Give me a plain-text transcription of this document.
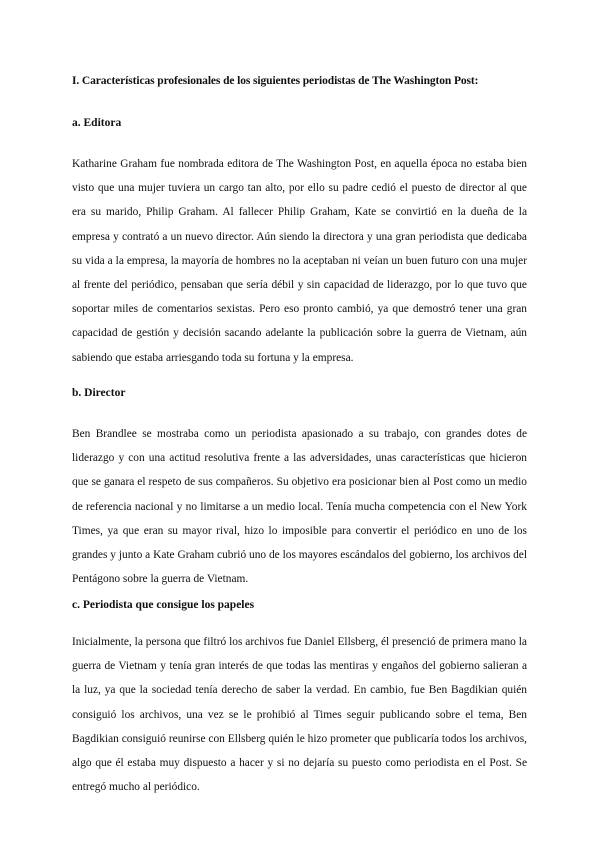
I. Características profesionales de los siguientes periodistas de The Washington Post:
a. Editora

Katharine Graham fue nombrada editora de The Washington Post, en aquella época no estaba bien visto que una mujer tuviera un cargo tan alto, por ello su padre cedió el puesto de director al que era su marido, Philip Graham. Al fallecer Philip Graham, Kate se convirtió en la dueña de la empresa y contrató a un nuevo director. Aún siendo la directora y una gran periodista que dedicaba su vida a la empresa, la mayoría de hombres no la aceptaban ni veían un buen futuro con una mujer al frente del periódico, pensaban que sería débil y sin capacidad de liderazgo, por lo que tuvo que soportar miles de comentarios sexistas. Pero eso pronto cambió, ya que demostró tener una gran capacidad de gestión y decisión sacando adelante la publicación sobre la guerra de Vietnam, aún sabiendo que estaba arriesgando toda su fortuna y la empresa.

b. Director

Ben Brandlee se mostraba como un periodista apasionado a su trabajo, con grandes dotes de liderazgo y con una actitud resolutiva frente a las adversidades, unas características que hicieron que se ganara el respeto de sus compañeros. Su objetivo era posicionar bien al Post como un medio de referencia nacional y no limitarse a un medio local. Tenía mucha competencia con el New York Times, ya que eran su mayor rival, hizo lo imposible para convertir el periódico en uno de los grandes y junto a Kate Graham cubrió uno de los mayores escándalos del gobierno, los archivos del Pentágono sobre la guerra de Vietnam.

c. Periodista que consigue los papeles

Inicialmente, la persona que filtró los archivos fue Daniel Ellsberg, él presenció de primera mano la guerra de Vietnam y tenía gran interés de que todas las mentiras y engaños del gobierno salieran a la luz, ya que la sociedad tenía derecho de saber la verdad. En cambio, fue Ben Bagdikian quién consiguió los archivos, una vez se le prohibió al Times seguir publicando sobre el tema, Ben Bagdikian consiguió reunirse con Ellsberg quién le hizo prometer que publicaría todos los archivos, algo que él estaba muy dispuesto a hacer y si no dejaría su puesto como periodista en el Post. Se entregó mucho al periódico.
